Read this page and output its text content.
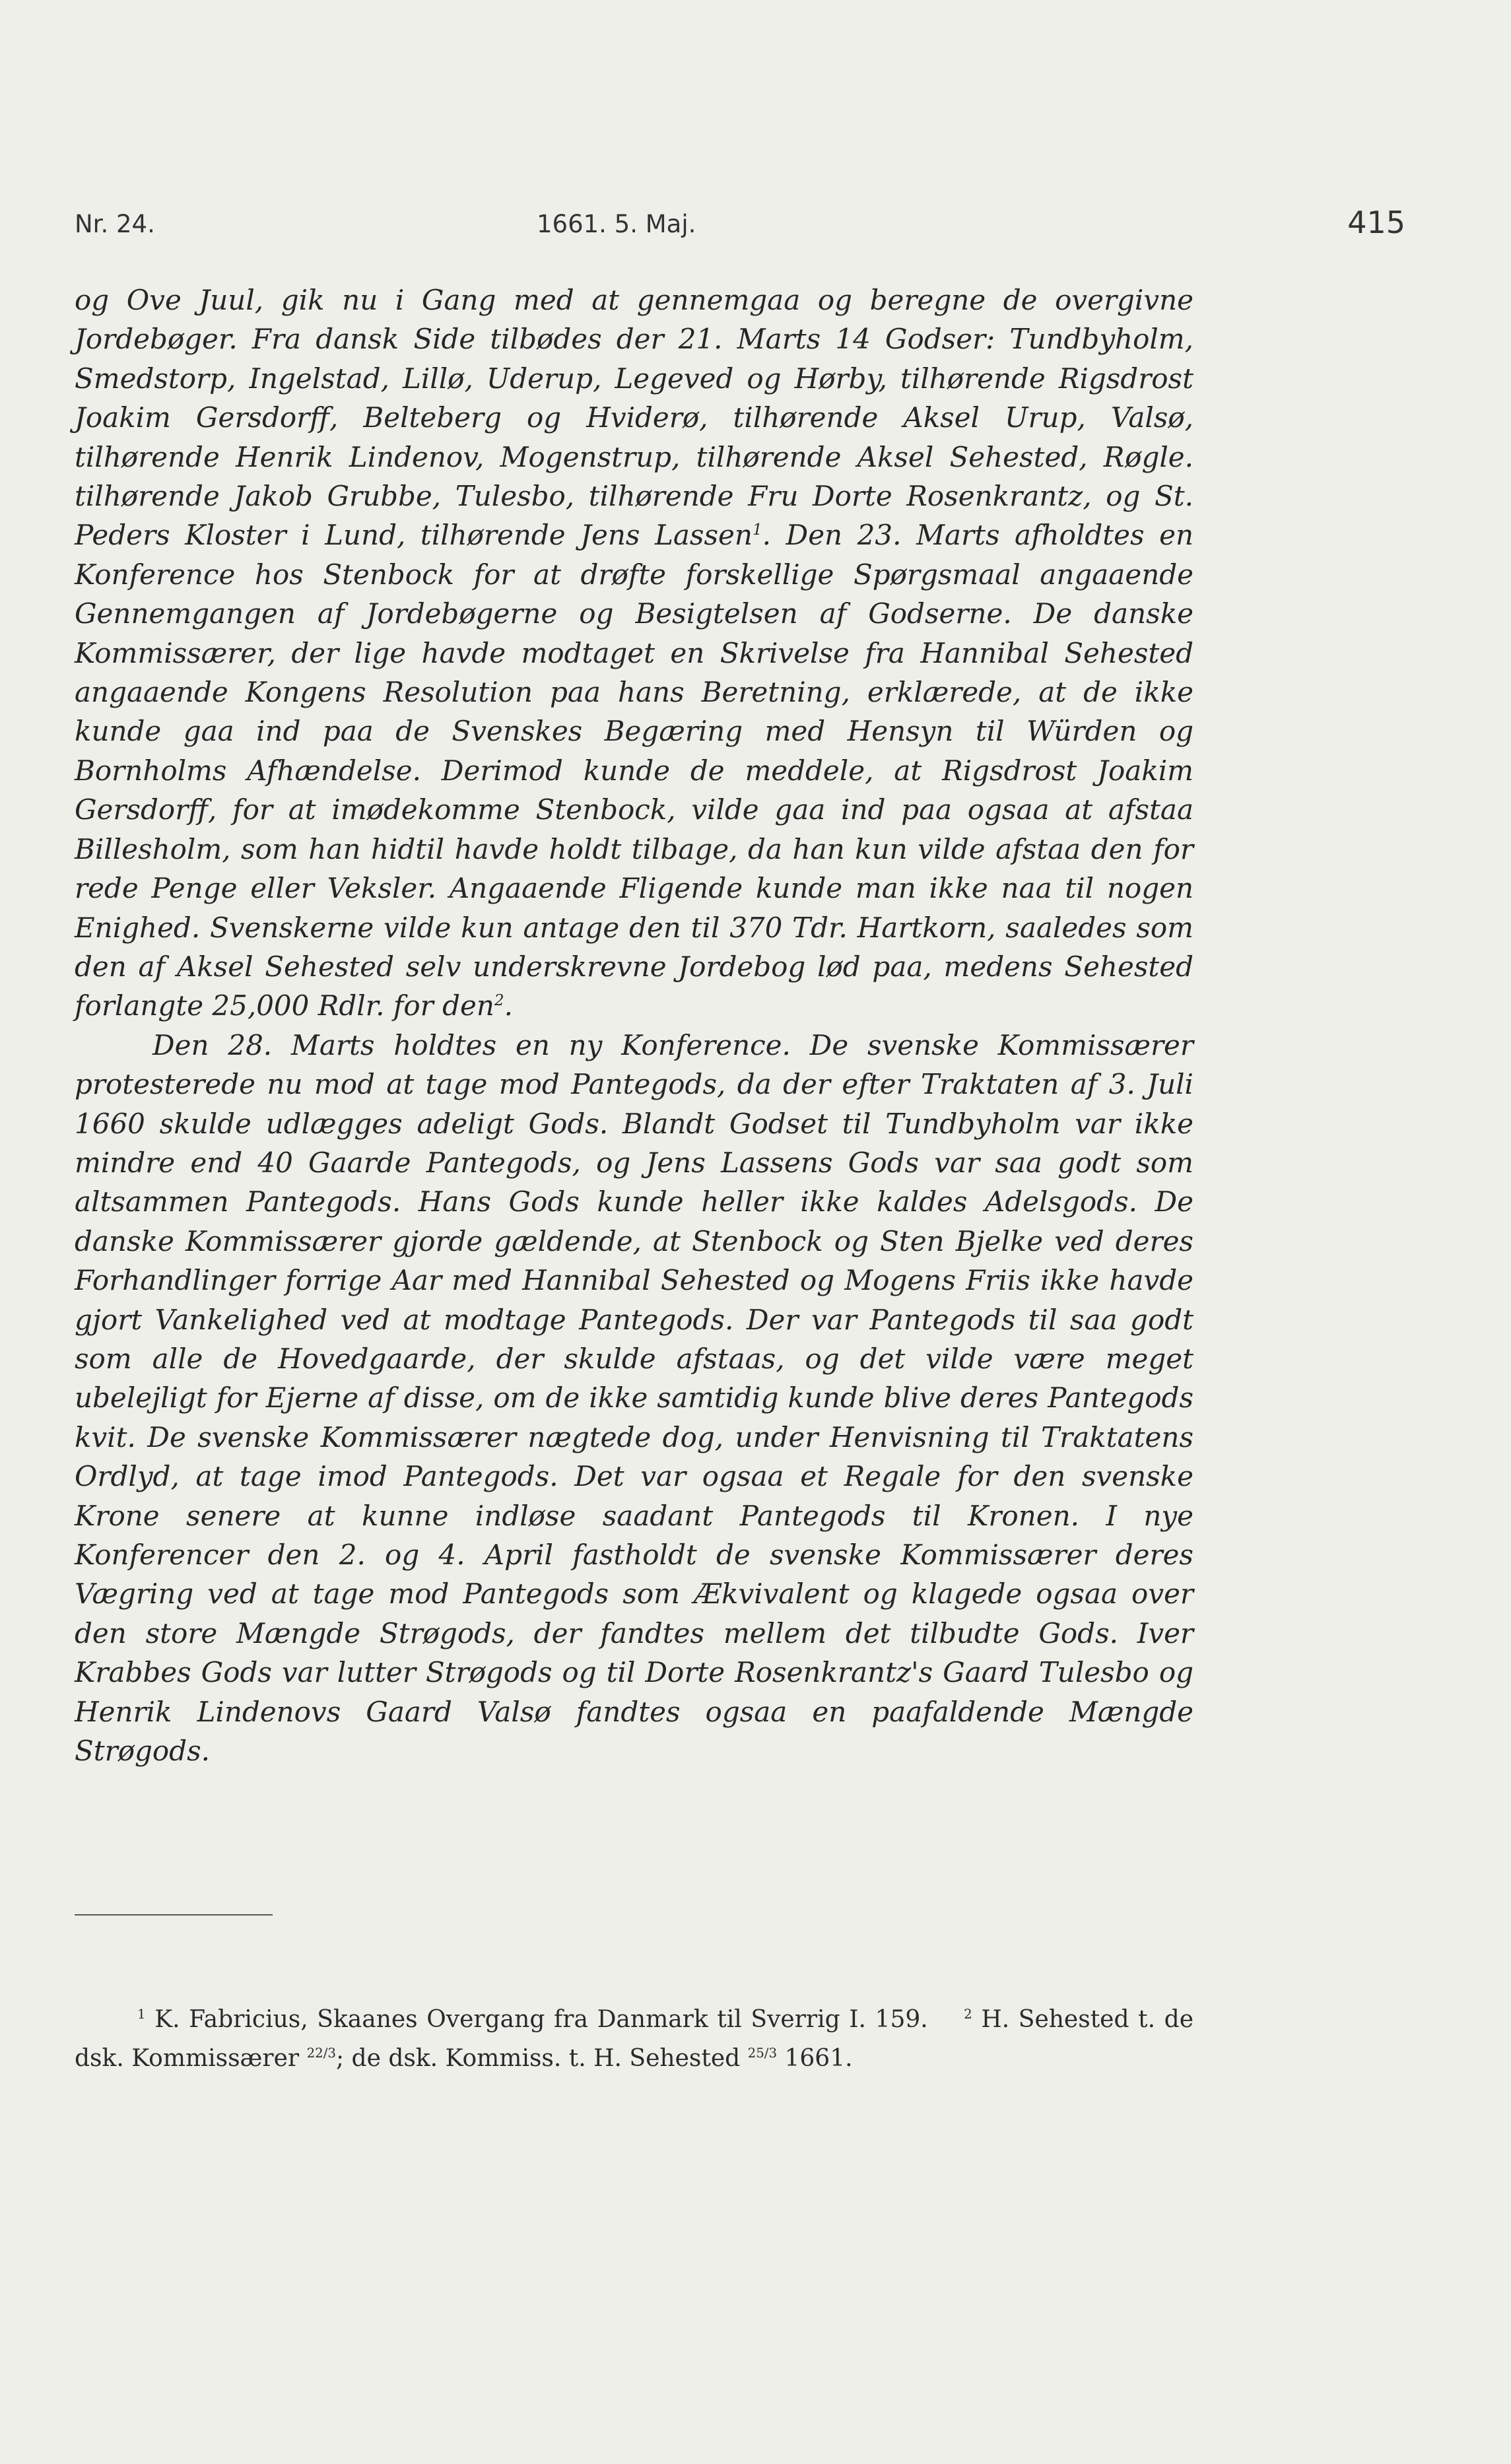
Nr. 24.	1661. 5. Maj.	415

og Ove Juul, gik nu i Gang med at gennemgaa og beregne de overgivne Jordebøger. Fra dansk Side tilbødes der 21. Marts 14 Godser: Tundbyholm, Smedstorp, Ingelstad, Lillø, Uderup, Legeved og Hørby, tilhørende Rigsdrost Joakim Gersdorff, Belteberg og Hviderø, tilhørende Aksel Urup, Valsø, tilhørende Henrik Lindenov, Mogenstrup, tilhørende Aksel Sehested, Røgle. tilhørende Jakob Grubbe, Tulesbo, tilhørende Fru Dorte Rosenkrantz, og St. Peders Kloster i Lund, tilhørende Jens Lassen$^1$. Den 23. Marts afholdtes en Konference hos Stenbock for at drøfte forskellige Spørgsmaal angaaende Gennemgangen af Jordebøgerne og Besigtelsen af Godserne. De danske Kommissærer, der lige havde modtaget en Skrivelse fra Hannibal Sehested angaaende Kongens Resolution paa hans Beretning, erklærede, at de ikke kunde gaa ind paa de Svenskes Begæring med Hensyn til Würden og Bornholms Afhændelse. Derimod kunde de meddele, at Rigsdrost Joakim Gersdorff, for at imødekomme Stenbock, vilde gaa ind paa ogsaa at afstaa Billesholm, som han hidtil havde holdt tilbage, da han kun vilde afstaa den for rede Penge eller Veksler. Angaaende Fligende kunde man ikke naa til nogen Enighed. Svenskerne vilde kun antage den til 370 Tdr. Hartkorn, saaledes som den af Aksel Sehested selv underskrevne Jordebog lød paa, medens Sehested forlangte 25,000 Rdlr. for den$^2$.

Den 28. Marts holdtes en ny Konference. De svenske Kommissærer protesterede nu mod at tage mod Pantegods, da der efter Traktaten af 3. Juli 1660 skulde udlægges adeligt Gods. Blandt Godset til Tundbyholm var ikke mindre end 40 Gaarde Pantegods, og Jens Lassens Gods var saa godt som altsammen Pantegods. Hans Gods kunde heller ikke kaldes Adelsgods. De danske Kommissærer gjorde gældende, at Stenbock og Sten Bjelke ved deres Forhandlinger forrige Aar med Hannibal Sehested og Mogens Friis ikke havde gjort Vankelighed ved at modtage Pantegods. Der var Pantegods til saa godt som alle de Hovedgaarde, der skulde afstaas, og det vilde være meget ubelejligt for Ejerne af disse, om de ikke samtidig kunde blive deres Pantegods kvit. De svenske Kommissærer nægtede dog, under Henvisning til Traktatens Ordlyd, at tage imod Pantegods. Det var ogsaa et Regale for den svenske Krone senere at kunne indløse saadant Pantegods til Kronen. I nye Konferencer den 2. og 4. April fastholdt de svenske Kommissærer deres Vægring ved at tage mod Pantegods som Ækvivalent og klagede ogsaa over den store Mængde Strøgods, der fandtes mellem det tilbudte Gods. Iver Krabbes Gods var lutter Strøgods og til Dorte Rosenkrantz's Gaard Tulesbo og Henrik Lindenovs Gaard Valsø fandtes ogsaa en paafaldende Mængde Strøgods.

$^1$ K. Fabricius, Skaanes Overgang fra Danmark til Sverrig I. 159.	$^2$ H. Sehested t. de dsk. Kommissærer $^{22/3}$; de dsk. Kommiss. t. H. Sehested $^{25/3}$ 1661.
